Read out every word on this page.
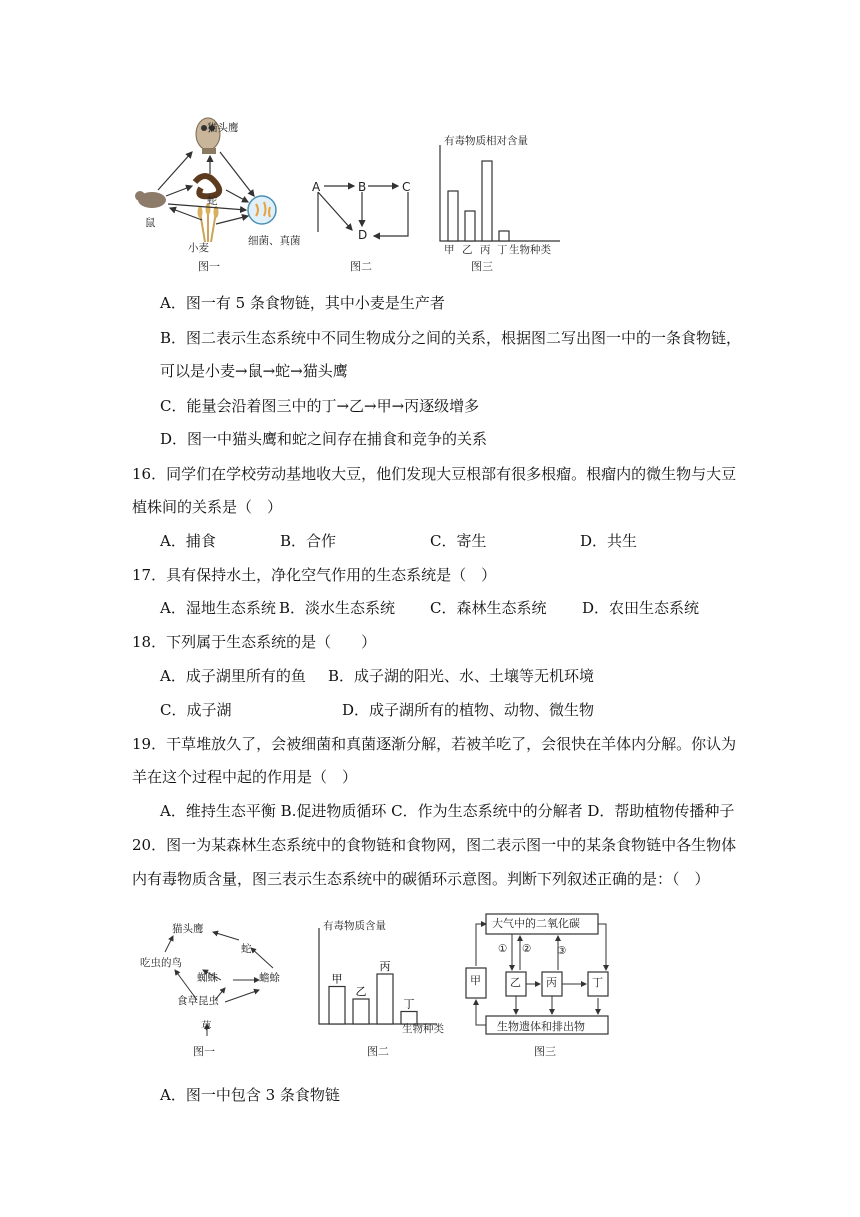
猫头鹰
蛇
鼠
小麦
细菌、真菌
图一
A	B	C
D
图二
有毒物质相对含量
甲 乙 丙 丁 生物种类
图三
A．图一有 5 条食物链，其中小麦是生产者
B．图二表示生态系统中不同生物成分之间的关系，根据图二写出图一中的一条食物链，
可以是小麦→鼠→蛇→猫头鹰
C．能量会沿着图三中的丁→乙→甲→丙逐级增多
D．图一中猫头鹰和蛇之间存在捕食和竞争的关系
16．同学们在学校劳动基地收大豆，他们发现大豆根部有很多根瘤。根瘤内的微生物与大豆
植株间的关系是（　）
A．捕食	B．合作	C．寄生	D．共生
17．具有保持水土，净化空气作用的生态系统是（　）
A．湿地生态系统 B．淡水生态系统 C．森林生态系统 D．农田生态系统
18．下列属于生态系统的是（　　）
A．成子湖里所有的鱼 B．成子湖的阳光、水、土壤等无机环境
C．成子湖	D．成子湖所有的植物、动物、微生物
19．干草堆放久了，会被细菌和真菌逐渐分解，若被羊吃了，会很快在羊体内分解。你认为
羊在这个过程中起的作用是（　）
A．维持生态平衡 B.促进物质循环 C．作为生态系统中的分解者 D．帮助植物传播种子
20．图一为某森林生态系统中的食物链和食物网，图二表示图一中的某条食物链中各生物体
内有毒物质含量，图三表示生态系统中的碳循环示意图。判断下列叙述正确的是：（　）
猫头鹰
蛇
吃虫的鸟
蜘蛛	蟾蜍
食草昆虫
草
图一
有毒物质含量
甲
乙
丙
丁
生物种类
图二
大气中的二氧化碳
甲	乙 丙	丁
生物遗体和排出物
① ② ③
图三
A．图一中包含 3 条食物链
